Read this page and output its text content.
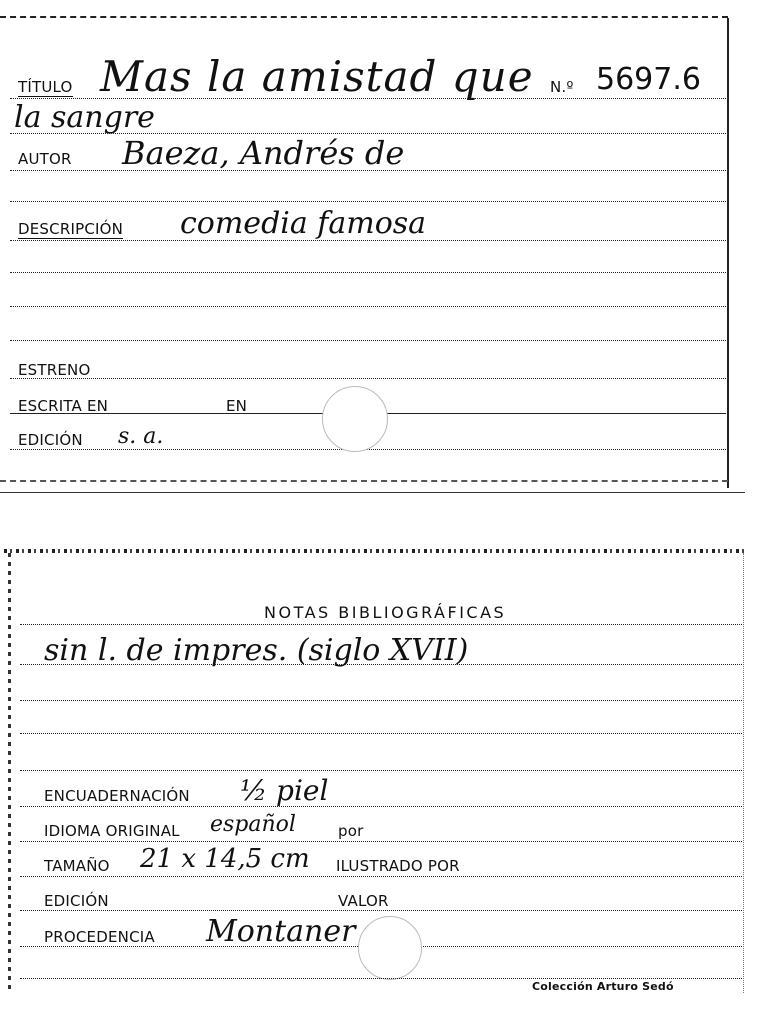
TÍTULO Mas la amistad que N.º 5697.6
la sangre
AUTOR Baeza, Andrés de
DESCRIPCIÓN comedia famosa
ESTRENO
ESCRITA EN	EN
EDICIÓN s. a.
NOTAS BIBLIOGRÁFICAS
sin l. de impres. (siglo XVII)
ENCUADERNACIÓN ½ piel
IDIOMA ORIGINAL español	por
TAMAÑO 21 x 14,5 cm ILUSTRADO POR
EDICIÓN	VALOR
PROCEDENCIA Montaner
Colección Arturo Sedó
